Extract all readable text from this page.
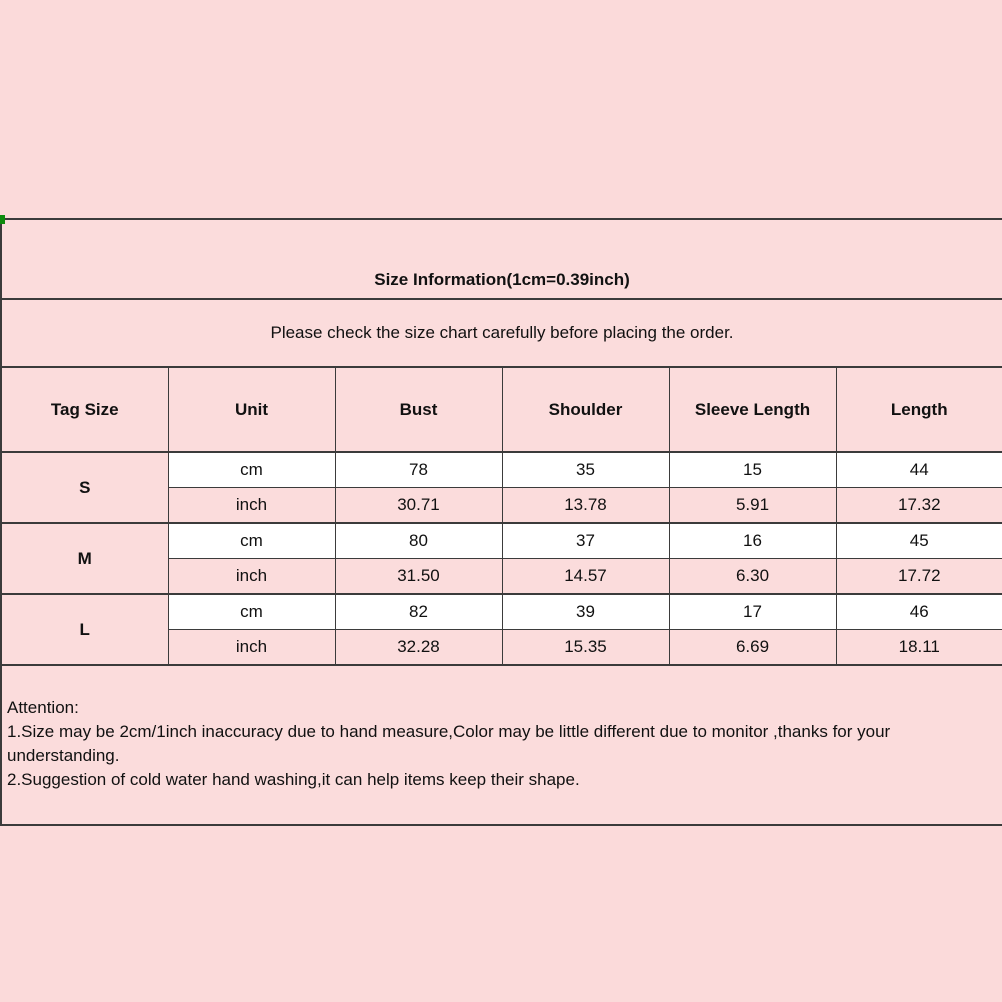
Size Information(1cm=0.39inch)					
Please check the size chart carefully before placing the order.					
Tag Size	Unit	Bust	Shoulder	Sleeve Length	Length
S	cm	78	35	15	44
	inch	30.71	13.78	5.91	17.32
M	cm	80	37	16	45
	inch	31.50	14.57	6.30	17.72
L	cm	82	39	17	46
	inch	32.28	15.35	6.69	18.11

Attention:
1.Size may be 2cm/1inch inaccuracy due to hand measure,Color may be little different due to monitor ,thanks for your understanding.
2.Suggestion of cold water hand washing,it can help items keep their shape.					
